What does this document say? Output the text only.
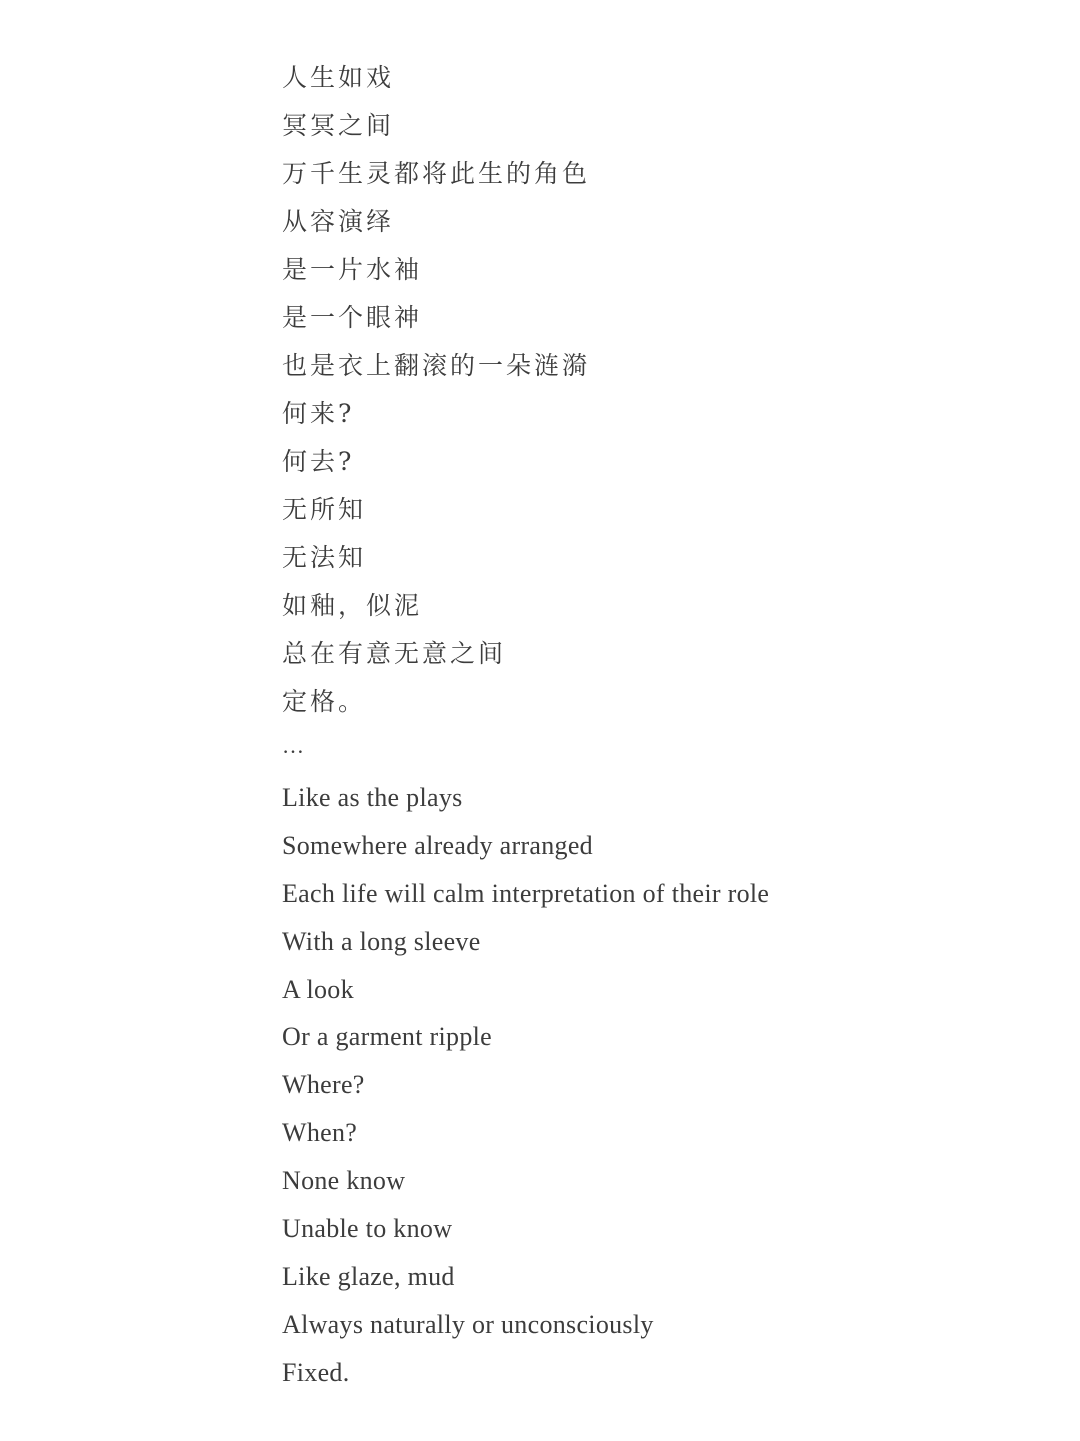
人生如戏
冥冥之间
万千生灵都将此生的角色
从容演绎
是一片水袖
是一个眼神
也是衣上翻滚的一朵涟漪
何来?
何去?
无所知
无法知
如釉，似泥
总在有意无意之间
定格。
…
Like as the plays
Somewhere already arranged
Each life will calm interpretation of their role
With a long sleeve
A look
Or a garment ripple
Where?
When?
None know
Unable to know
Like glaze, mud
Always naturally or unconsciously
Fixed.
